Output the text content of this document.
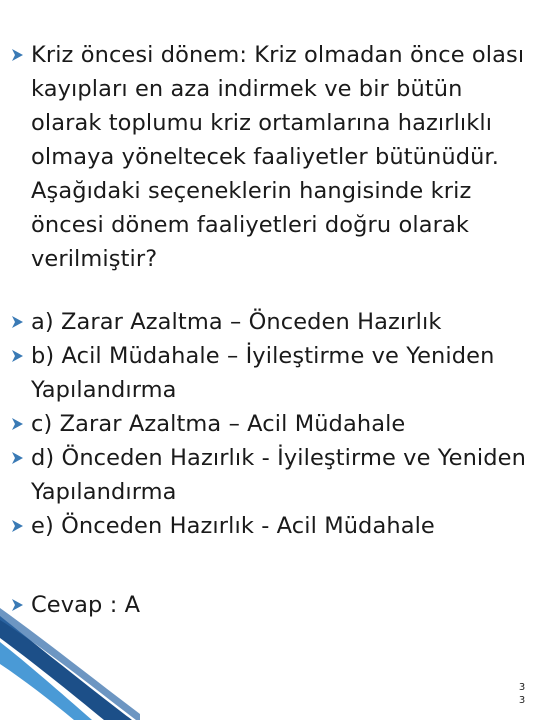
Kriz öncesi dönem: Kriz olmadan önce olası kayıpları en aza indirmek ve bir bütün olarak toplumu kriz ortamlarına hazırlıklı olmaya yöneltecek faaliyetler bütünüdür. Aşağıdaki seçeneklerin hangisinde kriz öncesi dönem faaliyetleri doğru olarak verilmiştir?
a) Zarar Azaltma – Önceden Hazırlık
b) Acil Müdahale – İyileştirme ve Yeniden Yapılandırma
c) Zarar Azaltma – Acil Müdahale
d) Önceden Hazırlık - İyileştirme ve Yeniden Yapılandırma
e) Önceden Hazırlık - Acil Müdahale
Cevap : A
3
3
